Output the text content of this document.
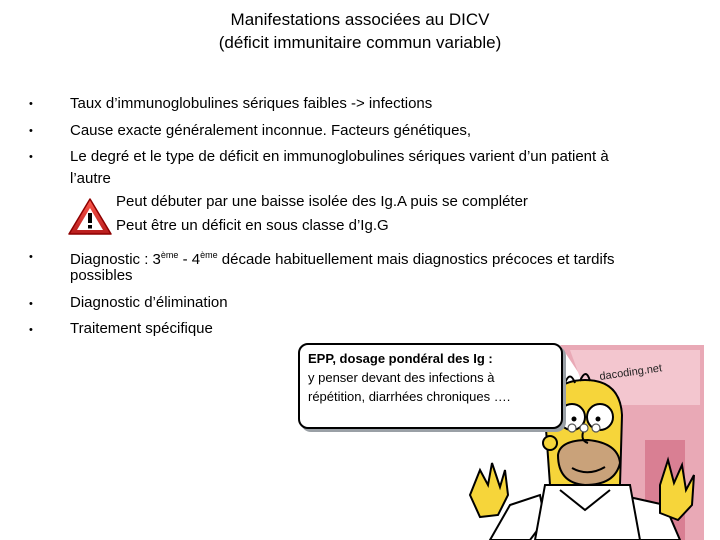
Manifestations associées au DICV
(déficit immunitaire commun variable)
• Taux d’immunoglobulines sériques faibles -> infections
• Cause exacte généralement inconnue. Facteurs génétiques,
• Le degré et le type de déficit en immunoglobulines sériques varient d’un patient à
l’autre
Peut débuter par une baisse isolée des Ig.A puis se compléter
Peut être un déficit en sous classe d’Ig.G
• Diagnostic : 3ème - 4ème décade habituellement mais diagnostics précoces et tardifs
possibles
• Diagnostic d’élimination
• Traitement spécifique
dacoding.net
EPP, dosage pondéral des Ig :
y penser devant des infections à
répétition, diarrhées chroniques ….
